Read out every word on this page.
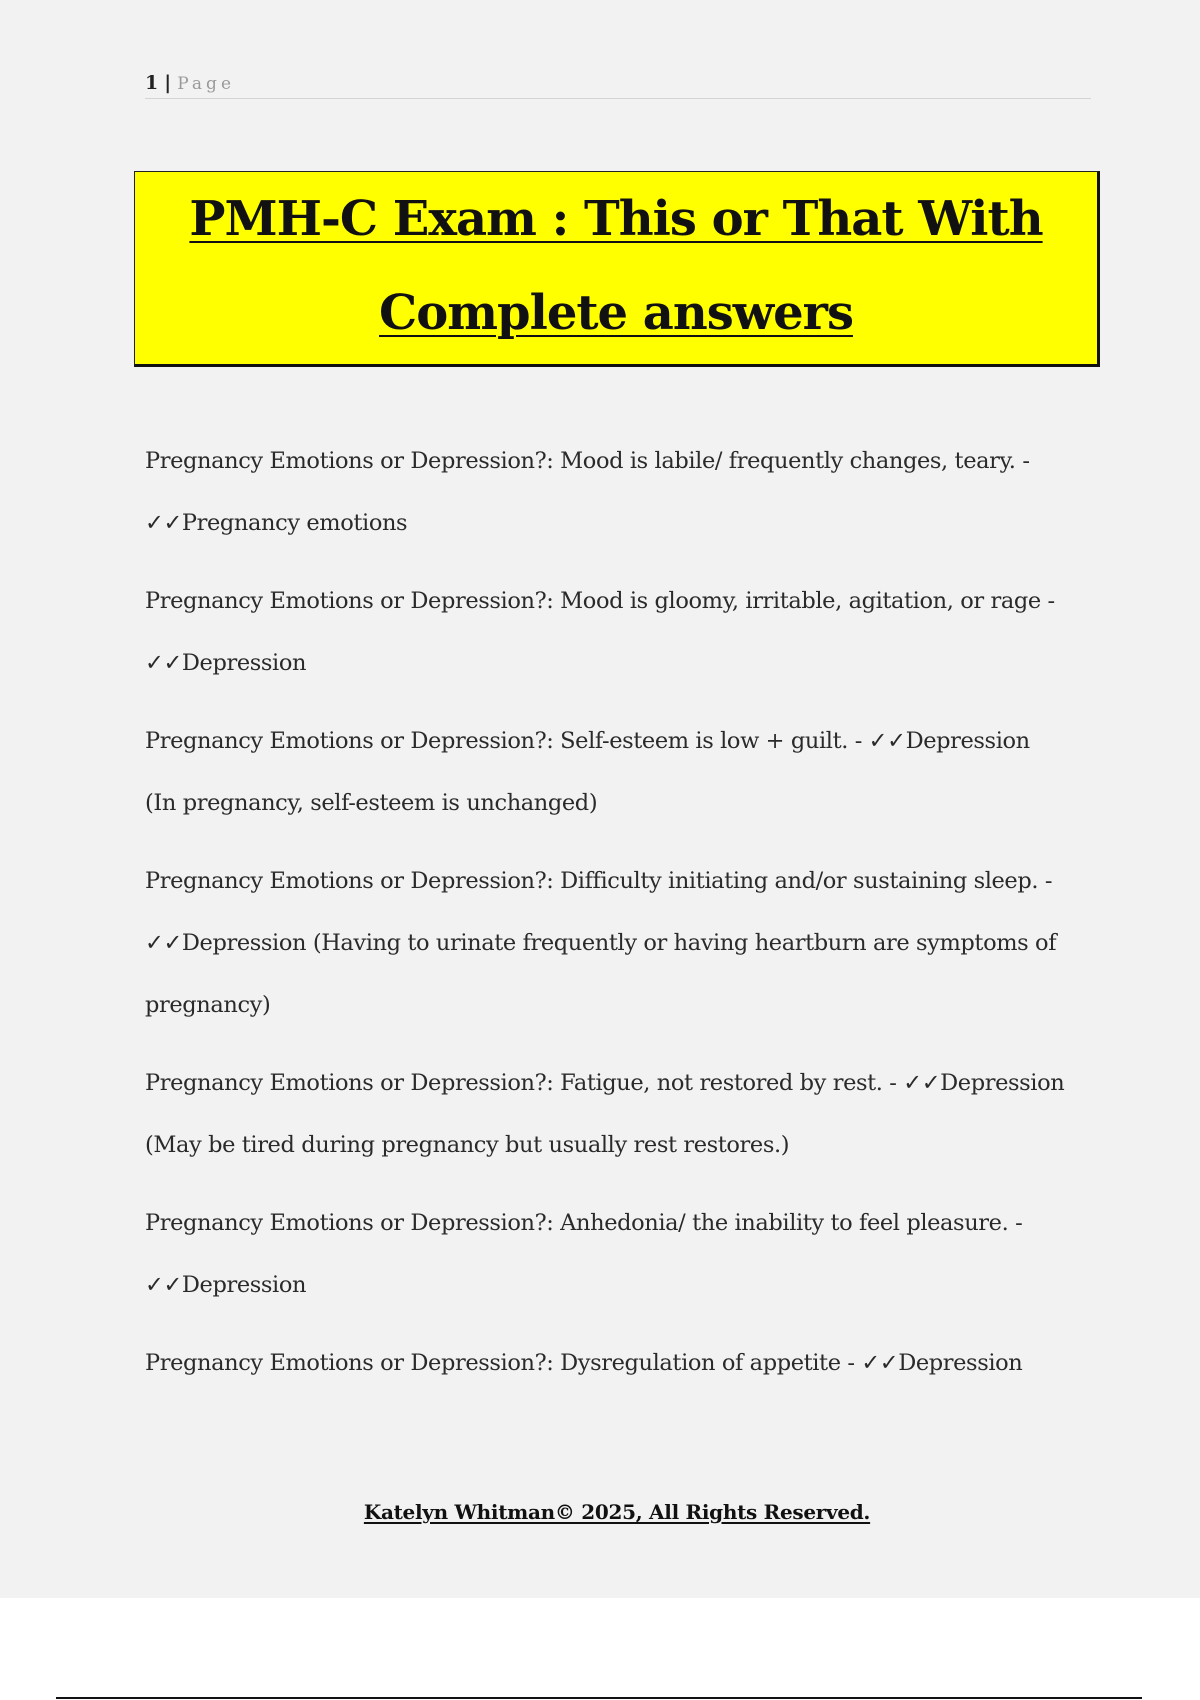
1 | Page
PMH-C Exam : This or That With
Complete answers

Pregnancy Emotions or Depression?: Mood is labile/ frequently changes, teary. - ✓✓Pregnancy emotions

Pregnancy Emotions or Depression?: Mood is gloomy, irritable, agitation, or rage - ✓✓Depression

Pregnancy Emotions or Depression?: Self-esteem is low + guilt. - ✓✓Depression (In pregnancy, self-esteem is unchanged)

Pregnancy Emotions or Depression?: Difficulty initiating and/or sustaining sleep. - ✓✓Depression (Having to urinate frequently or having heartburn are symptoms of pregnancy)

Pregnancy Emotions or Depression?: Fatigue, not restored by rest. - ✓✓Depression (May be tired during pregnancy but usually rest restores.)

Pregnancy Emotions or Depression?: Anhedonia/ the inability to feel pleasure. - ✓✓Depression

Pregnancy Emotions or Depression?: Dysregulation of appetite - ✓✓Depression

Katelyn Whitman© 2025, All Rights Reserved.
